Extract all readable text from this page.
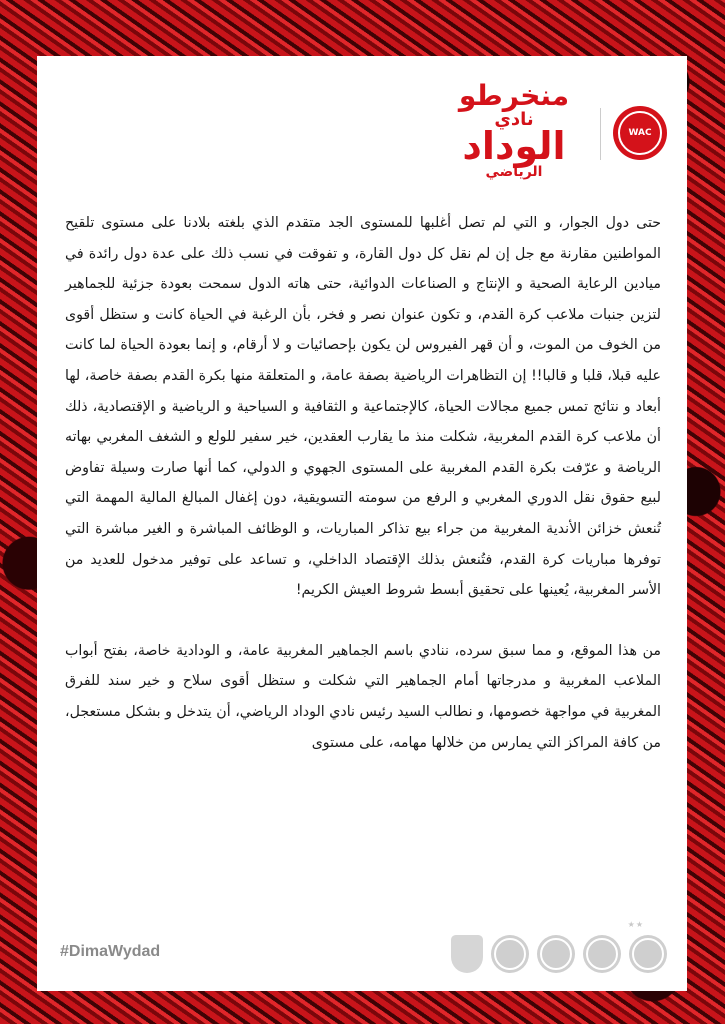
WAC
منخرطو
نادي
الوداد
الرياضي

حتى دول الجوار، و التي لم تصل أغلبها للمستوى الجد متقدم الذي بلغته بلادنا على مستوى تلقيح المواطنين مقارنة مع جل إن لم نقل كل دول القارة، و تفوقت في نسب ذلك على عدة دول رائدة في ميادين الرعاية الصحية و الإنتاج و الصناعات الدوائية، حتى هاته الدول سمحت بعودة جزئية للجماهير لتزين جنبات ملاعب كرة القدم، و تكون عنوان نصر و فخر، بأن الرغبة في الحياة كانت و ستظل أقوى من الخوف من الموت، و أن قهر الفيروس لن يكون بإحصائيات و لا أرقام، و إنما بعودة الحياة لما كانت عليه قبلا، قلبا و قالبا!! إن التظاهرات الرياضية بصفة عامة، و المتعلقة منها بكرة القدم بصفة خاصة، لها أبعاد و نتائج تمس جميع مجالات الحياة، كالإجتماعية و الثقافية و السياحية و الرياضية و الإقتصادية، ذلك أن ملاعب كرة القدم المغربية، شكلت منذ ما يقارب العقدين، خير سفير للولع و الشغف المغربي بهاته الرياضة و عرّفت بكرة القدم المغربية على المستوى الجهوي و الدولي، كما أنها صارت وسيلة تفاوض لبيع حقوق نقل الدوري المغربي و الرفع من سومته التسويقية، دون إغفال المبالغ المالية المهمة التي تُنعش خزائن الأندية المغربية من جراء بيع تذاكر المباريات، و الوظائف المباشرة و الغير مباشرة التي توفرها مباريات كرة القدم، فتُنعش بذلك الإقتصاد الداخلي، و تساعد على توفير مدخول للعديد من الأسر المغربية، يُعينها على تحقيق أبسط شروط العيش الكريم!

من هذا الموقع، و مما سبق سرده، ننادي باسم الجماهير المغربية عامة، و الودادية خاصة، بفتح أبواب الملاعب المغربية و مدرجاتها أمام الجماهير التي شكلت و ستظل أقوى سلاح و خير سند للفرق المغربية في مواجهة خصومها، و نطالب السيد رئيس نادي الوداد الرياضي، أن يتدخل و بشكل مستعجل، من كافة المراكز التي يمارس من خلالها مهامه، على مستوى

#DimaWydad
★★
